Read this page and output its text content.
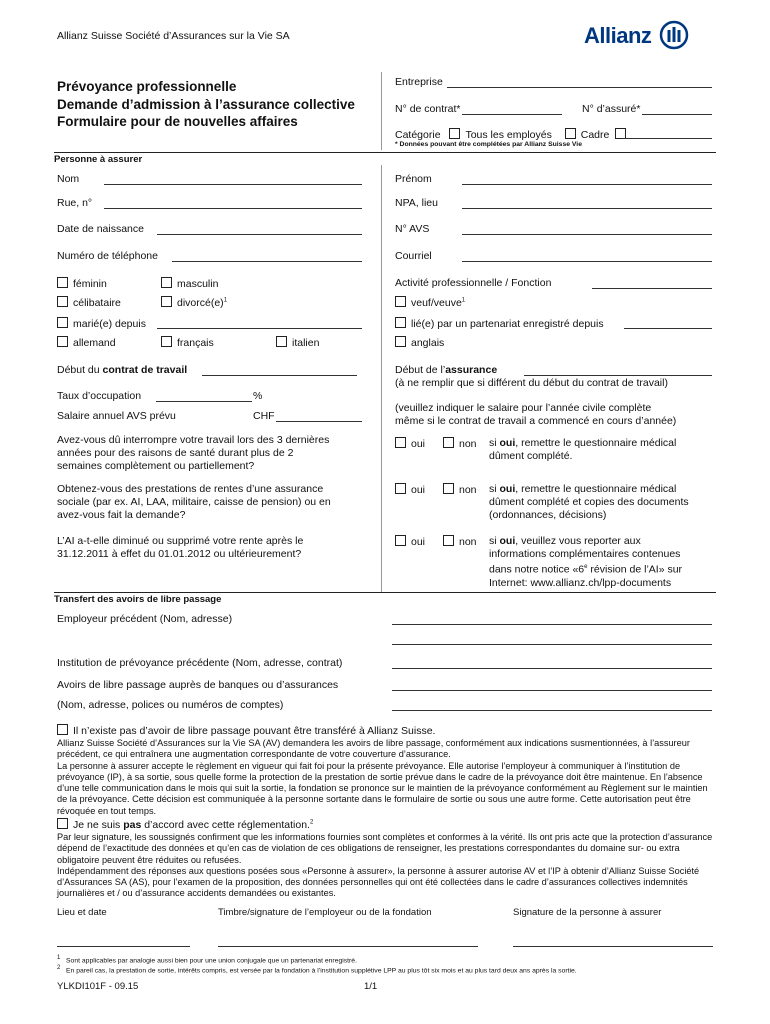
Allianz Suisse Société d’Assurances sur la Vie SA	Allianz
Prévoyance professionnelle
Demande d’admission à l’assurance collective
Formulaire pour de nouvelles affaires
Entreprise
N° de contrat*	N° d’assuré*
Catégorie Tous les employés	Cadre
* Données pouvant être complétées par Allianz Suisse Vie
Personne à assurer
Nom	Prénom
Rue, n°	NPA, lieu
Date de naissance	N° AVS
Numéro de téléphone	Courriel
féminin	masculin	Activité professionnelle / Fonction
célibataire	$divorcé(e)^1$	veuf/veuve$^1$
marié(e) depuis	lié(e) par un partenariat enregistré depuis
allemand	français	italien	anglais
Début du contrat de travail	Début de l’assurance
(à ne remplir que si différent du début du contrat de travail)
Taux d’occupation	%
Salaire annuel AVS prévu	CHF
(veuillez indiquer le salaire pour l’année civile complète
même si le contrat de travail a commencé en cours d’année)
Avez-vous dû interrompre votre travail lors des 3 dernières
années pour des raisons de santé durant plus de 2
semaines complètement ou partiellement?
oui	non si oui, remettre le questionnaire médical
dûment complété.
Obtenez-vous des prestations de rentes d’une assurance
sociale (par ex. AI, LAA, militaire, caisse de pension) ou en
avez-vous fait la demande?
oui	non si oui, remettre le questionnaire médical
dûment complété et copies des documents
(ordonnances, décisions)
L’AI a-t-elle diminué ou supprimé votre rente après le
31.12.2011 à effet du 01.01.2012 ou ultérieurement?
oui	non si oui, veuillez vous reporter aux
informations complémentaires contenues
dans notre notice «6e révision de l’AI» sur
Internet: www.allianz.ch/lpp-documents
Transfert des avoirs de libre passage
Employeur précédent (Nom, adresse)
Institution de prévoyance précédente (Nom, adresse, contrat)
Avoirs de libre passage auprès de banques ou d’assurances
(Nom, adresse, polices ou numéros de comptes)
Il n’existe pas d’avoir de libre passage pouvant être transféré à Allianz Suisse.
Allianz Suisse Société d’Assurances sur la Vie SA (AV) demandera les avoirs de libre passage, conformément aux indications susmentionnées, à l’assureur précédent, ce qui entraînera une augmentation correspondante de votre couverture d’assurance.
La personne à assurer accepte le règlement en vigueur qui fait foi pour la présente prévoyance. Elle autorise l’employeur à communiquer à l’institution de prévoyance (IP), à sa sortie, sous quelle forme la protection de la prestation de sortie prévue dans le cadre de la prévoyance doit être maintenue. En l’absence d’une telle communication dans le mois qui suit la sortie, la fondation se prononce sur le maintien de la prévoyance conformément au Règlement sur le maintien de la prévoyance. Cette décision est communiquée à la personne sortante dans le formulaire de sortie ou sous une autre forme. Cette autorisation peut être révoquée en tout temps.
Je ne suis pas d’accord avec cette réglementation.$^2$
Par leur signature, les soussignés confirment que les informations fournies sont complètes et conformes à la vérité. Ils ont pris acte que la protection d’assurance dépend de l’exactitude des données et qu’en cas de violation de ces obligations de renseigner, les prestations correspondantes du domaine sur- ou extra obligatoire peuvent être réduites ou refusées.
Indépendamment des réponses aux questions posées sous «Personne à assurer», la personne à assurer autorise AV et l’IP à obtenir d’Allianz Suisse Société d’Assurances SA (AS), pour l’examen de la proposition, des données personnelles qui ont été collectées dans le cadre d’assurances collectives indemnités journalières et / ou d’assurance accidents demandées ou existantes.
Lieu et date	Timbre/signature de l’employeur ou de la fondation	Signature de la personne à assurer
$^1$ Sont applicables par analogie aussi bien pour une union conjugale que un partenariat enregistré.
$^2$ En pareil cas, la prestation de sortie, intérêts compris, est versée par la fondation à l’institution supplétive LPP au plus tôt six mois et au plus tard deux ans après la sortie.
YLKDI101F - 09.15	1/1
